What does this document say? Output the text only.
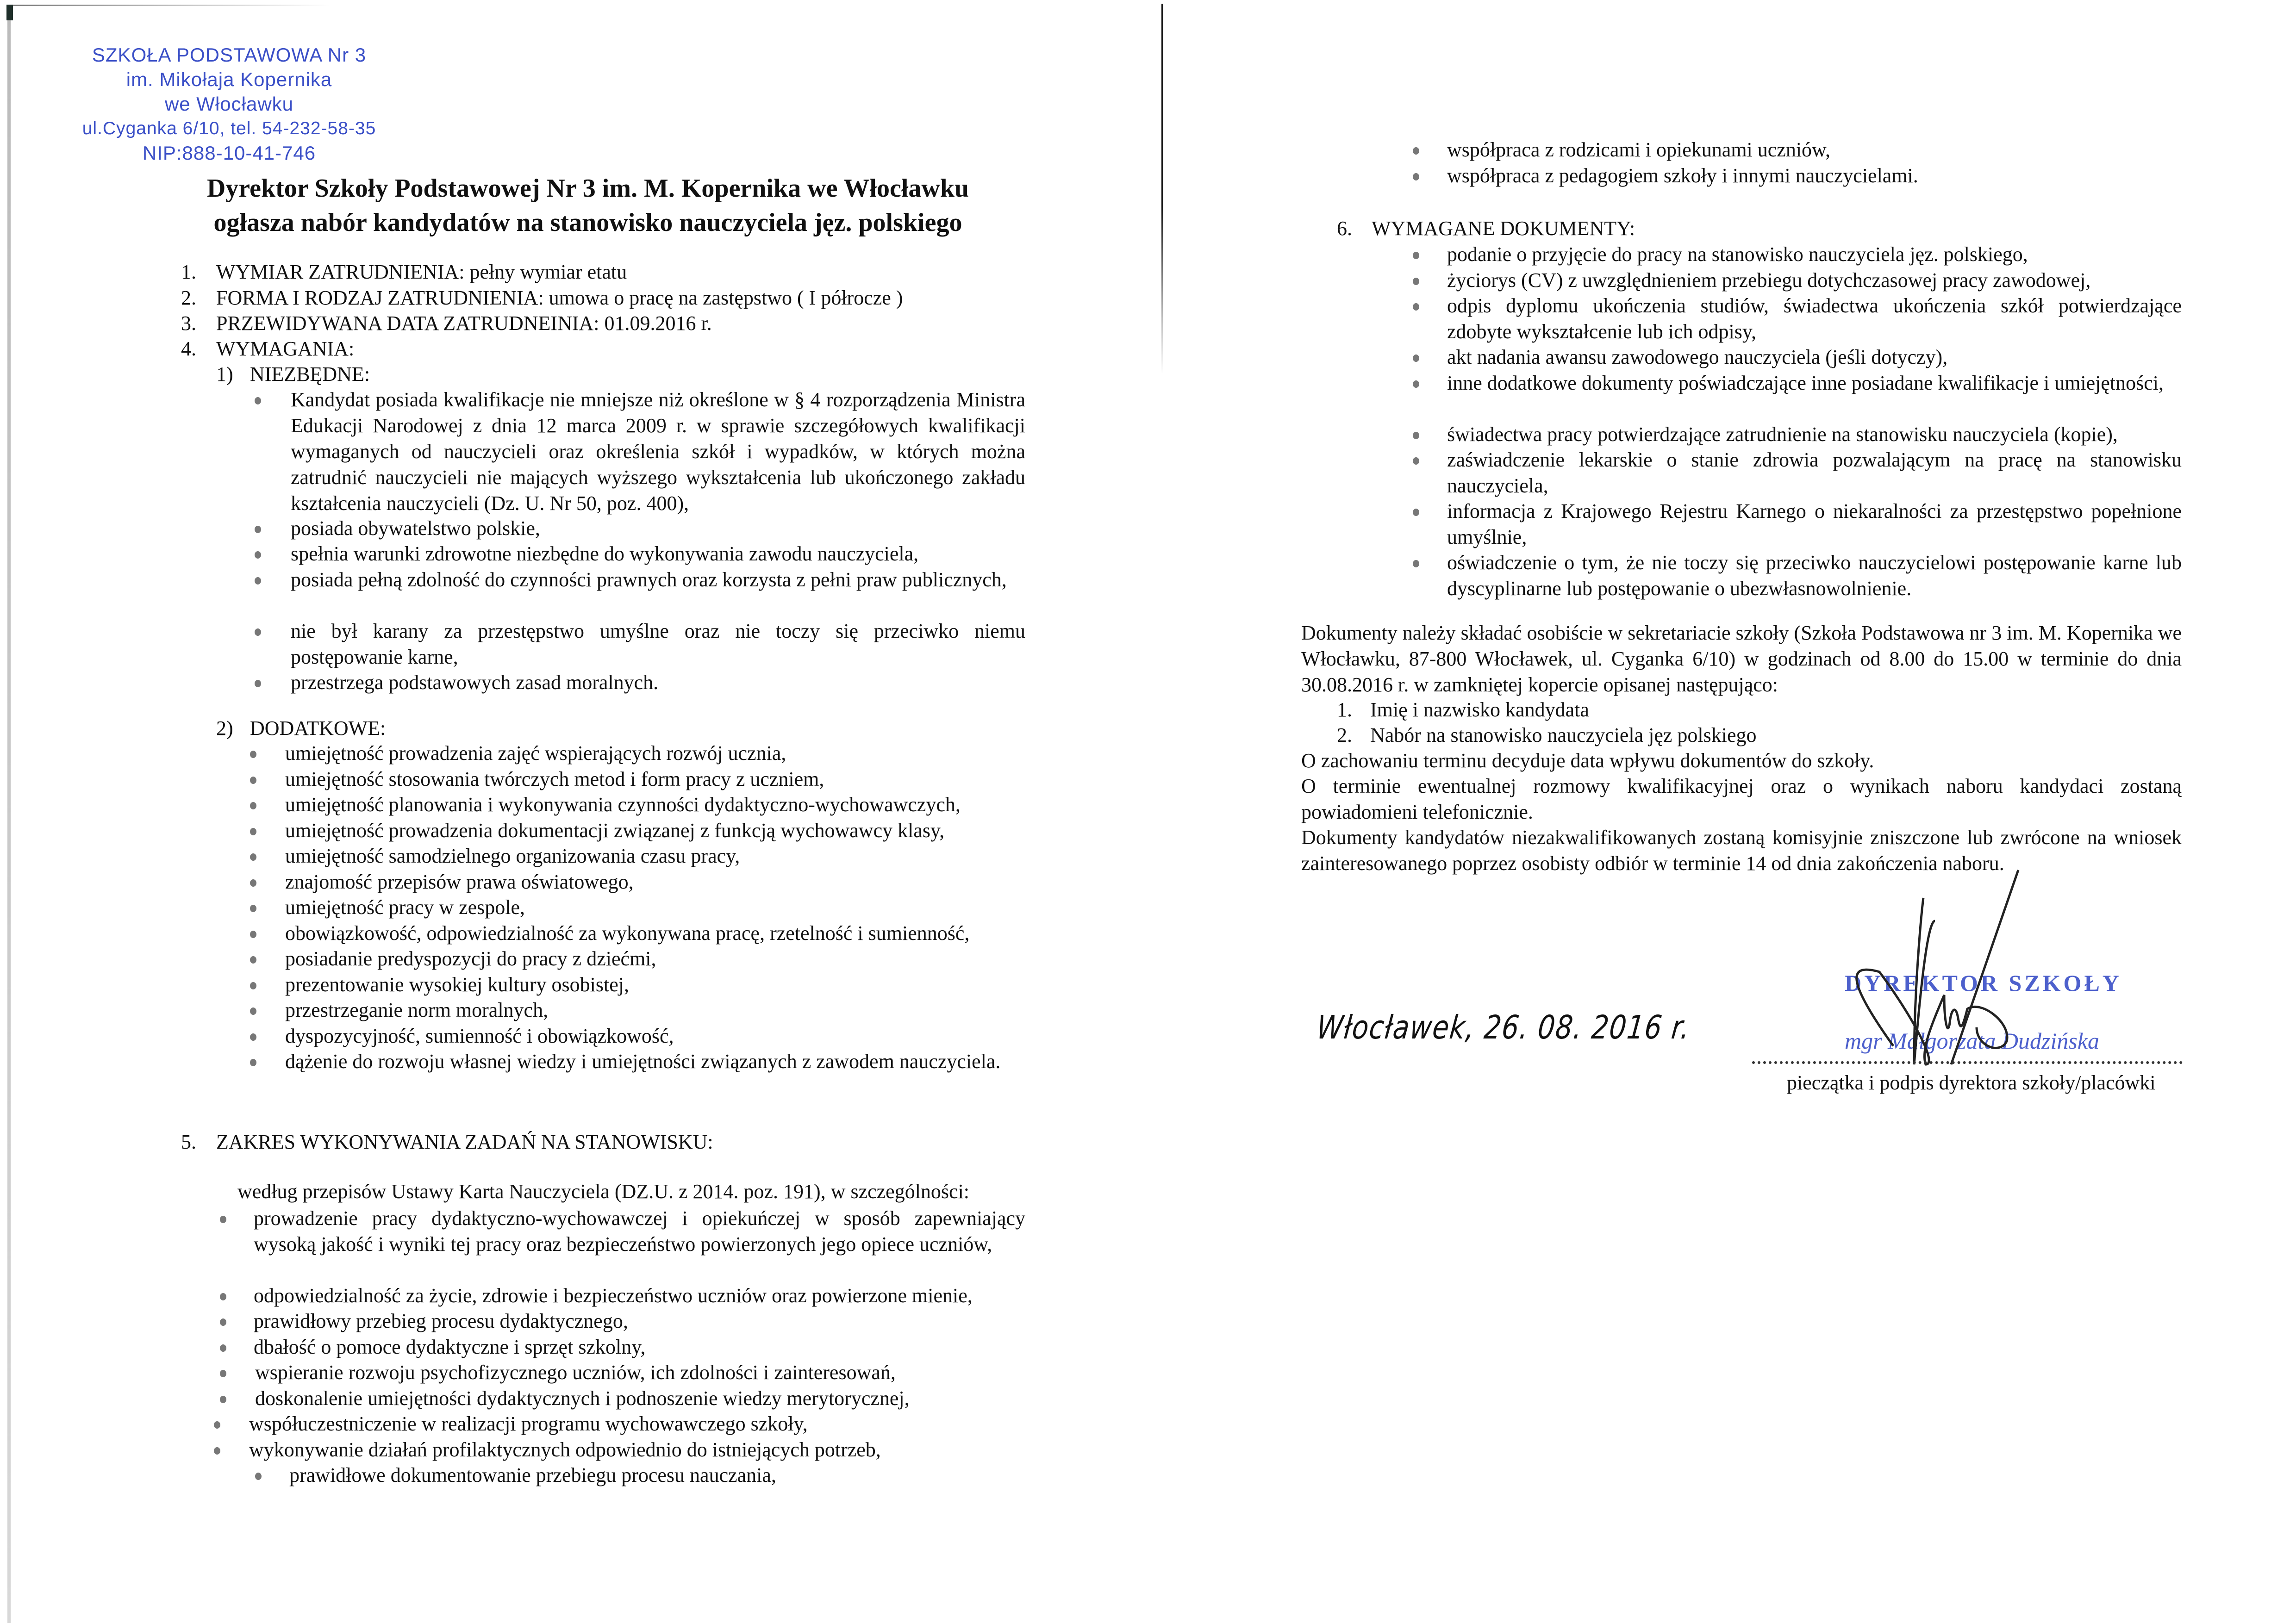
SZKOŁA PODSTAWOWA Nr 3
im. Mikołaja Kopernika
we Włocławku
ul.Cyganka 6/10, tel. 54-232-58-35
NIP:888-10-41-746
Dyrektor Szkoły Podstawowej Nr 3 im. M. Kopernika we Włocławku
ogłasza nabór kandydatów na stanowisko nauczyciela jęz. polskiego
1. WYMIAR ZATRUDNIENIA: pełny wymiar etatu
2. FORMA I RODZAJ ZATRUDNIENIA: umowa o pracę na zastępstwo ( I półrocze )
3. PRZEWIDYWANA DATA ZATRUDNEINIA: 01.09.2016 r.
4. WYMAGANIA:
1) NIEZBĘDNE:
Kandydat posiada kwalifikacje nie mniejsze niż określone w § 4 rozporządzenia Ministra Edukacji Narodowej z dnia 12 marca 2009 r. w sprawie szczegółowych kwalifikacji wymaganych od nauczycieli oraz określenia szkół i wypadków, w których można zatrudnić nauczycieli nie mających wyższego wykształcenia lub ukończonego zakładu kształcenia nauczycieli (Dz. U. Nr 50, poz. 400),
posiada obywatelstwo polskie,
spełnia warunki zdrowotne niezbędne do wykonywania zawodu nauczyciela,
posiada pełną zdolność do czynności prawnych oraz korzysta z pełni praw publicznych,
nie był karany za przestępstwo umyślne oraz nie toczy się przeciwko niemu postępowanie karne,
przestrzega podstawowych zasad moralnych.
2) DODATKOWE:
umiejętność prowadzenia zajęć wspierających rozwój ucznia,
umiejętność stosowania twórczych metod i form pracy z uczniem,
umiejętność planowania i wykonywania czynności dydaktyczno-wychowawczych,
umiejętność prowadzenia dokumentacji związanej z funkcją wychowawcy klasy,
umiejętność samodzielnego organizowania czasu pracy,
znajomość przepisów prawa oświatowego,
umiejętność pracy w zespole,
obowiązkowość, odpowiedzialność za wykonywana pracę, rzetelność i sumienność,
posiadanie predyspozycji do pracy z dziećmi,
prezentowanie wysokiej kultury osobistej,
przestrzeganie norm moralnych,
dyspozycyjność, sumienność i obowiązkowość,
dążenie do rozwoju własnej wiedzy i umiejętności związanych z zawodem nauczyciela.
5. ZAKRES WYKONYWANIA ZADAŃ NA STANOWISKU:
według przepisów Ustawy Karta Nauczyciela (DZ.U. z 2014. poz. 191), w szczególności:
prowadzenie pracy dydaktyczno-wychowawczej i opiekuńczej w sposób zapewniający wysoką jakość i wyniki tej pracy oraz bezpieczeństwo powierzonych jego opiece uczniów,
odpowiedzialność za życie, zdrowie i bezpieczeństwo uczniów oraz powierzone mienie,
prawidłowy przebieg procesu dydaktycznego,
dbałość o pomoce dydaktyczne i sprzęt szkolny,
wspieranie rozwoju psychofizycznego uczniów, ich zdolności i zainteresowań,
doskonalenie umiejętności dydaktycznych i podnoszenie wiedzy merytorycznej,
współuczestniczenie w realizacji programu wychowawczego szkoły,
wykonywanie działań profilaktycznych odpowiednio do istniejących potrzeb,
prawidłowe dokumentowanie przebiegu procesu nauczania,
współpraca z rodzicami i opiekunami uczniów,
współpraca z pedagogiem szkoły i innymi nauczycielami.
6. WYMAGANE DOKUMENTY:
podanie o przyjęcie do pracy na stanowisko nauczyciela jęz. polskiego,
życiorys (CV) z uwzględnieniem przebiegu dotychczasowej pracy zawodowej,
odpis dyplomu ukończenia studiów, świadectwa ukończenia szkół potwierdzające zdobyte wykształcenie lub ich odpisy,
akt nadania awansu zawodowego nauczyciela (jeśli dotyczy),
inne dodatkowe dokumenty poświadczające inne posiadane kwalifikacje i umiejętności,
świadectwa pracy potwierdzające zatrudnienie na stanowisku nauczyciela (kopie),
zaświadczenie lekarskie o stanie zdrowia pozwalającym na pracę na stanowisku nauczyciela,
informacja z Krajowego Rejestru Karnego o niekaralności za przestępstwo popełnione umyślnie,
oświadczenie o tym, że nie toczy się przeciwko nauczycielowi postępowanie karne lub dyscyplinarne lub postępowanie o ubezwłasnowolnienie.
Dokumenty należy składać osobiście w sekretariacie szkoły (Szkoła Podstawowa nr 3 im. M. Kopernika we Włocławku, 87-800 Włocławek, ul. Cyganka 6/10) w godzinach od 8.00 do 15.00 w terminie do dnia 30.08.2016 r. w zamkniętej kopercie opisanej następująco:
1. Imię i nazwisko kandydata
2. Nabór na stanowisko nauczyciela jęz polskiego
O zachowaniu terminu decyduje data wpływu dokumentów do szkoły.
O terminie ewentualnej rozmowy kwalifikacyjnej oraz o wynikach naboru kandydaci zostaną powiadomieni telefonicznie.
Dokumenty kandydatów niezakwalifikowanych zostaną komisyjnie zniszczone lub zwrócone na wniosek zainteresowanego poprzez osobisty odbiór w terminie 14 od dnia zakończenia naboru.
Włocławek, 26. 08. 2016 r.
DYREKTOR SZKOŁY
mgr Małgorzata Dudzińska
pieczątka i podpis dyrektora szkoły/placówki
